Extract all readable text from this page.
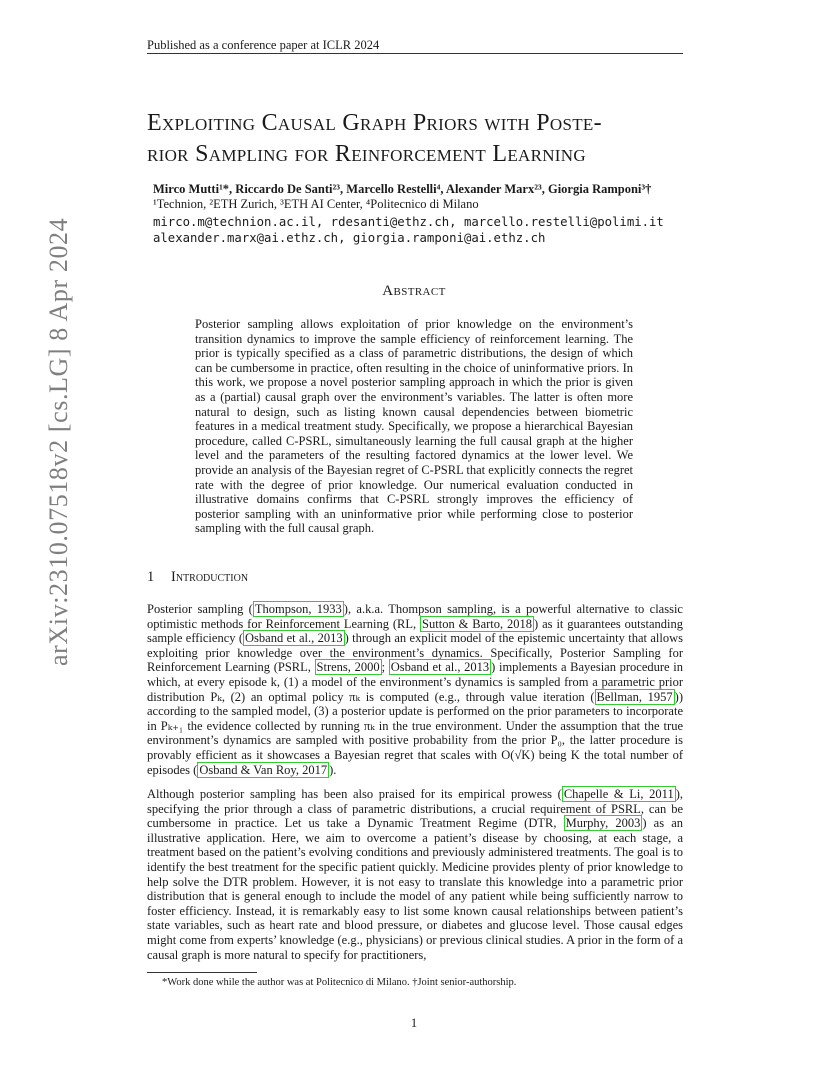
Published as a conference paper at ICLR 2024
Exploiting Causal Graph Priors with Poste-
rior Sampling for Reinforcement Learning
Mirco Mutti¹*, Riccardo De Santi²³, Marcello Restelli⁴, Alexander Marx²³, Giorgia Ramponi³†
¹Technion, ²ETH Zurich, ³ETH AI Center, ⁴Politecnico di Milano
mirco.m@technion.ac.il, rdesanti@ethz.ch, marcello.restelli@polimi.it
alexander.marx@ai.ethz.ch, giorgia.ramponi@ai.ethz.ch
arXiv:2310.07518v2 [cs.LG] 8 Apr 2024	Abstract
Posterior sampling allows exploitation of prior knowledge on the environment’s transition dynamics to improve the sample efficiency of reinforcement learning. The prior is typically specified as a class of parametric distributions, the design of which can be cumbersome in practice, often resulting in the choice of uninformative priors. In this work, we propose a novel posterior sampling approach in which the prior is given as a (partial) causal graph over the environment’s variables. The latter is often more natural to design, such as listing known causal dependencies between biometric features in a medical treatment study. Specifically, we propose a hierarchical Bayesian procedure, called C-PSRL, simultaneously learning the full causal graph at the higher level and the parameters of the resulting factored dynamics at the lower level. We provide an analysis of the Bayesian regret of C-PSRL that explicitly connects the regret rate with the degree of prior knowledge. Our numerical evaluation conducted in illustrative domains confirms that C-PSRL strongly improves the efficiency of posterior sampling with an uninformative prior while performing close to posterior sampling with the full causal graph.
1 Introduction
Posterior sampling ( Thompson, 1933 ), a.k.a. Thompson sampling, is a powerful alternative to classic optimistic methods for Reinforcement Learning (RL, Sutton & Barto, 2018 ) as it guarantees outstanding sample efficiency ( Osband et al., 2013 ) through an explicit model of the epistemic uncertainty that allows exploiting prior knowledge over the environment’s dynamics. Specifically, Posterior Sampling for Reinforcement Learning (PSRL, Strens, 2000 ; Osband et al., 2013 ) implements a Bayesian procedure in which, at every episode k, (1) a model of the environment’s dynamics is sampled from a parametric prior distribution Pₖ, (2) an optimal policy πₖ is computed (e.g., through value iteration ( Bellman, 1957 )) according to the sampled model, (3) a posterior update is performed on the prior parameters to incorporate in Pₖ₊₁ the evidence collected by running πₖ in the true environment. Under the assumption that the true environment’s dynamics are sampled with positive probability from the prior P₀, the latter procedure is provably efficient as it showcases a Bayesian regret that scales with O(√K) being K the total number of episodes ( Osband & Van Roy, 2017 ).
Although posterior sampling has been also praised for its empirical prowess ( Chapelle & Li, 2011 ), specifying the prior through a class of parametric distributions, a crucial requirement of PSRL, can be cumbersome in practice. Let us take a Dynamic Treatment Regime (DTR, Murphy, 2003 ) as an illustrative application. Here, we aim to overcome a patient’s disease by choosing, at each stage, a treatment based on the patient’s evolving conditions and previously administered treatments. The goal is to identify the best treatment for the specific patient quickly. Medicine provides plenty of prior knowledge to help solve the DTR problem. However, it is not easy to translate this knowledge into a parametric prior distribution that is general enough to include the model of any patient while being sufficiently narrow to foster efficiency. Instead, it is remarkably easy to list some known causal relationships between patient’s state variables, such as heart rate and blood pressure, or diabetes and glucose level. Those causal edges might come from experts’ knowledge (e.g., physicians) or previous clinical studies. A prior in the form of a causal graph is more natural to specify for practitioners,
*Work done while the author was at Politecnico di Milano. †Joint senior-authorship.
1
